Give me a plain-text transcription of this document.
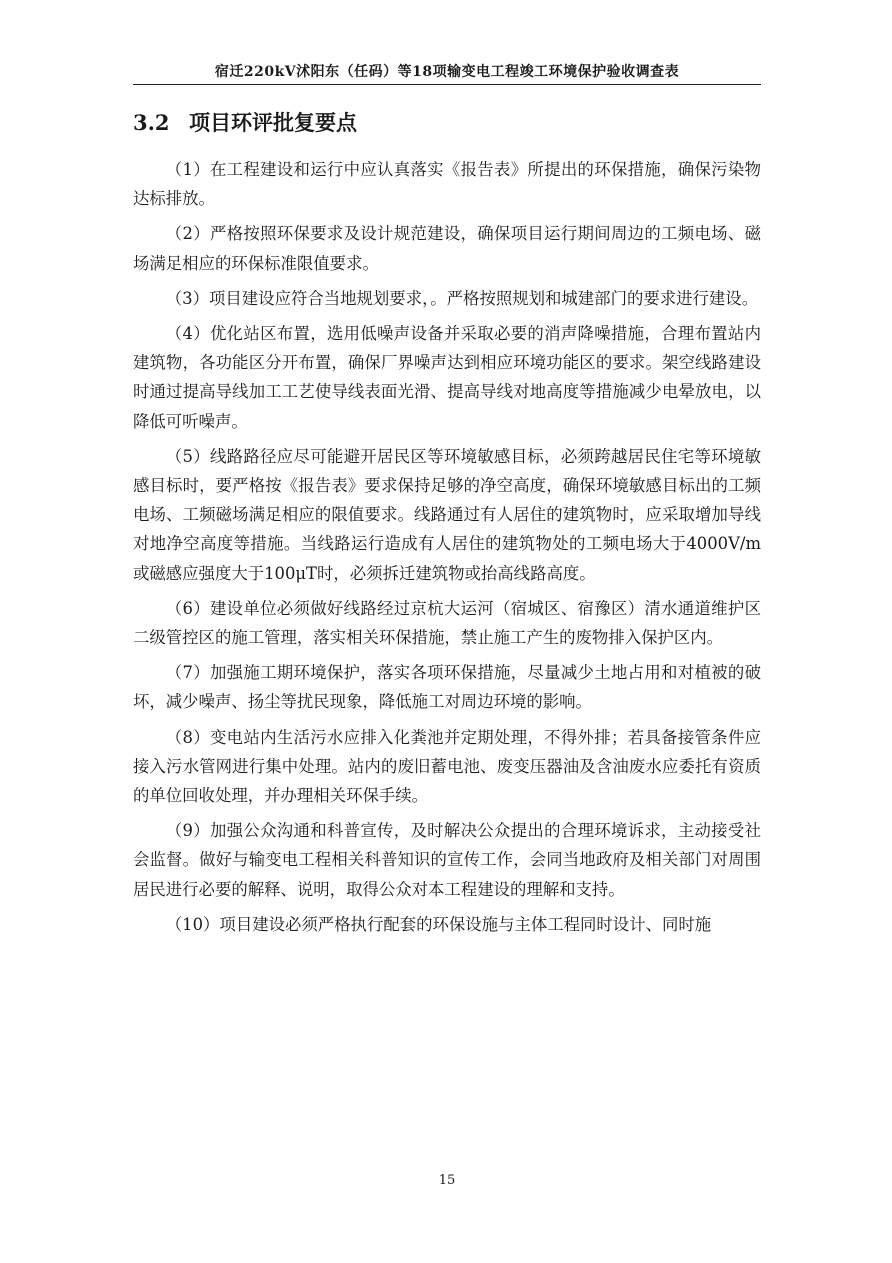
宿迁220kV沭阳东（任码）等18项输变电工程竣工环境保护验收调查表
3.2 项目环评批复要点

（1）在工程建设和运行中应认真落实《报告表》所提出的环保措施，确保污染物达标排放。

（2）严格按照环保要求及设计规范建设，确保项目运行期间周边的工频电场、磁场满足相应的环保标准限值要求。

（3）项目建设应符合当地规划要求，。严格按照规划和城建部门的要求进行建设。

（4）优化站区布置，选用低噪声设备并采取必要的消声降噪措施，合理布置站内建筑物，各功能区分开布置，确保厂界噪声达到相应环境功能区的要求。架空线路建设时通过提高导线加工工艺使导线表面光滑、提高导线对地高度等措施减少电晕放电，以降低可听噪声。

（5）线路路径应尽可能避开居民区等环境敏感目标，必须跨越居民住宅等环境敏感目标时，要严格按《报告表》要求保持足够的净空高度，确保环境敏感目标出的工频电场、工频磁场满足相应的限值要求。线路通过有人居住的建筑物时，应采取增加导线对地净空高度等措施。当线路运行造成有人居住的建筑物处的工频电场大于4000V/m或磁感应强度大于100μT时，必须拆迁建筑物或抬高线路高度。

（6）建设单位必须做好线路经过京杭大运河（宿城区、宿豫区）清水通道维护区二级管控区的施工管理，落实相关环保措施，禁止施工产生的废物排入保护区内。

（7）加强施工期环境保护，落实各项环保措施，尽量减少土地占用和对植被的破坏，减少噪声、扬尘等扰民现象，降低施工对周边环境的影响。

（8）变电站内生活污水应排入化粪池并定期处理，不得外排；若具备接管条件应接入污水管网进行集中处理。站内的废旧蓄电池、废变压器油及含油废水应委托有资质的单位回收处理，并办理相关环保手续。

（9）加强公众沟通和科普宣传，及时解决公众提出的合理环境诉求，主动接受社会监督。做好与输变电工程相关科普知识的宣传工作，会同当地政府及相关部门对周围居民进行必要的解释、说明，取得公众对本工程建设的理解和支持。

（10）项目建设必须严格执行配套的环保设施与主体工程同时设计、同时施

15
